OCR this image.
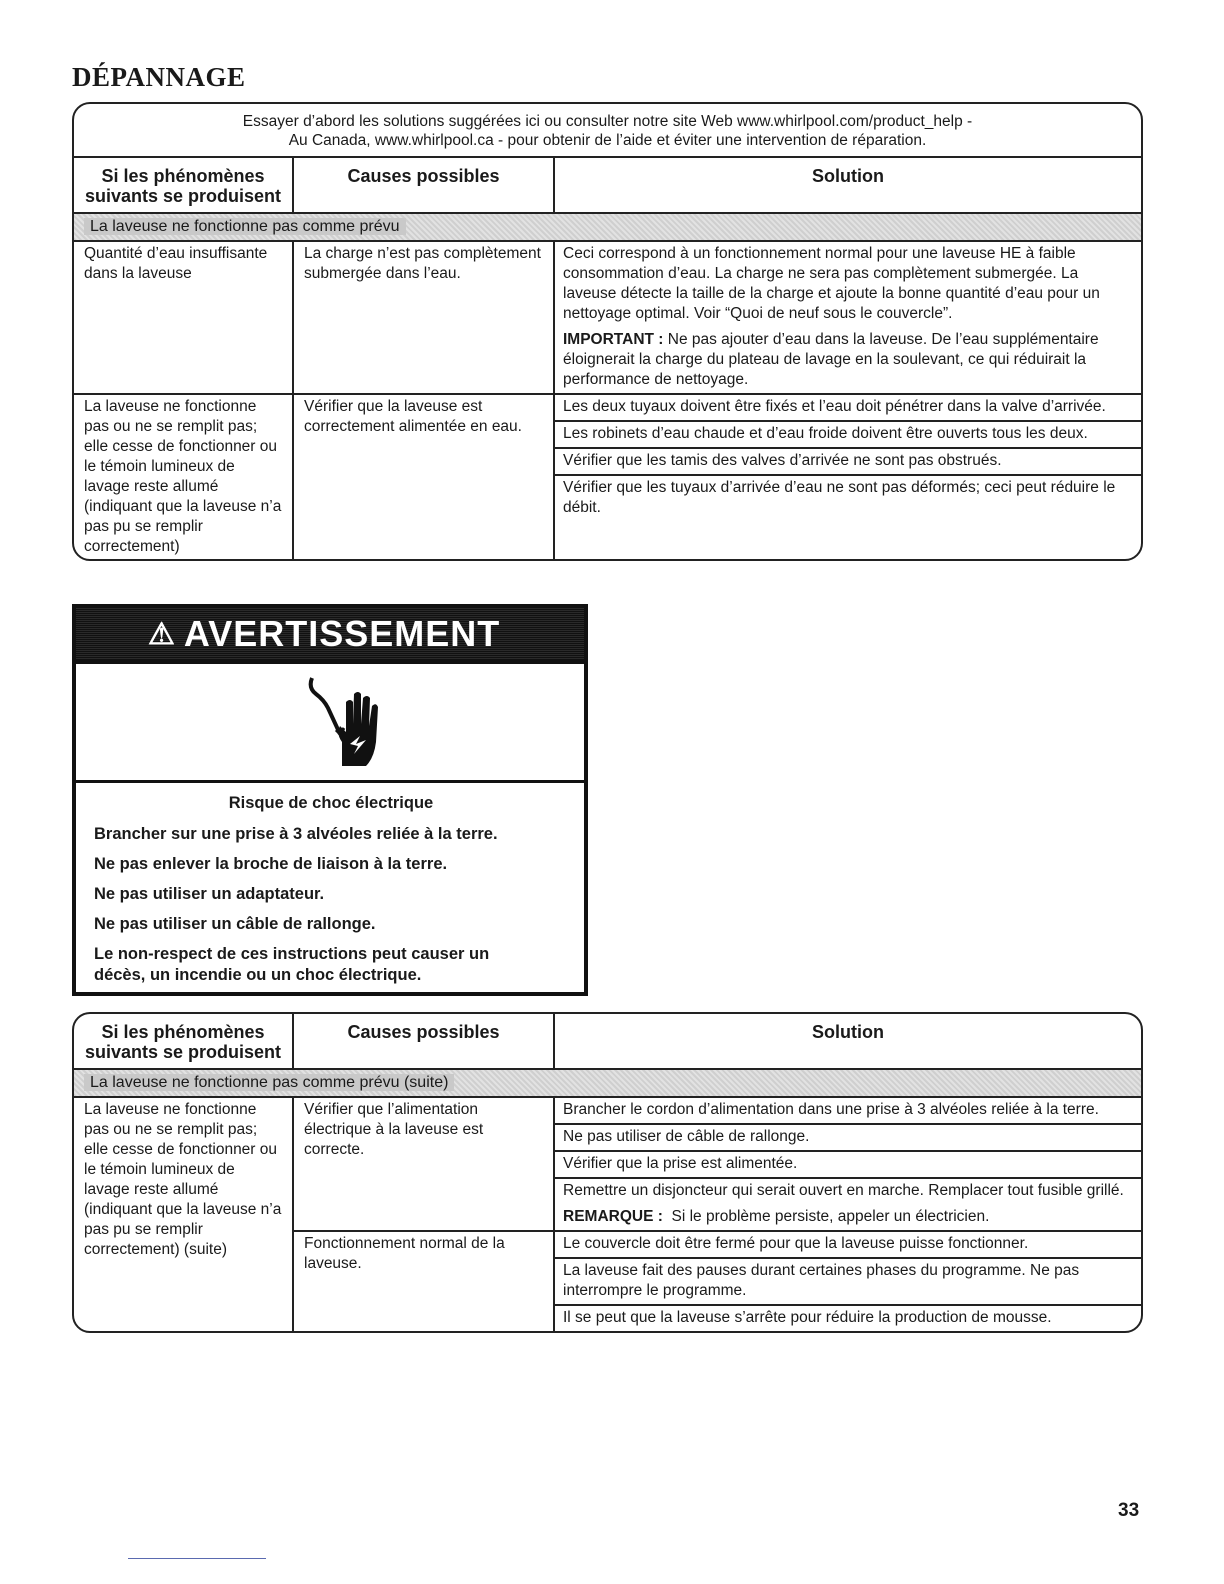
DÉPANNAGE
Essayer d’abord les solutions suggérées ici ou consulter notre site Web www.whirlpool.com/product_help -
Au Canada, www.whirlpool.ca - pour obtenir de l’aide et éviter une intervention de réparation.
Si les phénomènes suivants se produisent	Causes possibles	Solution
La laveuse ne fonctionne pas comme prévu		
Quantité d’eau insuffisante dans la laveuse	La charge n’est pas complètement submergée dans l’eau.	Ceci correspond à un fonctionnement normal pour une laveuse HE à faible consommation d’eau. La charge ne sera pas complètement submergée. La laveuse détecte la taille de la charge et ajoute la bonne quantité d’eau pour un nettoyage optimal. Voir “Quoi de neuf sous le couvercle”.

IMPORTANT : Ne pas ajouter d’eau dans la laveuse. De l’eau supplémentaire éloignerait la charge du plateau de lavage en la soulevant, ce qui réduirait la performance de nettoyage.

La laveuse ne fonctionne pas ou ne se remplit pas; elle cesse de fonctionner ou le témoin lumineux de lavage reste allumé (indiquant que la laveuse n’a pas pu se remplir correctement)	Vérifier que la laveuse est correctement alimentée en eau.	Les deux tuyaux doivent être fixés et l’eau doit pénétrer dans la valve d’arrivée.
Les robinets d’eau chaude et d’eau froide doivent être ouverts tous les deux.
Vérifier que les tamis des valves d’arrivée ne sont pas obstrués.
Vérifier que les tuyaux d’arrivée d’eau ne sont pas déformés; ceci peut réduire le débit.
⚠ AVERTISSEMENT

Risque de choc électrique

Brancher sur une prise à 3 alvéoles reliée à la terre.

Ne pas enlever la broche de liaison à la terre.

Ne pas utiliser un adaptateur.

Ne pas utiliser un câble de rallonge.

Le non-respect de ces instructions peut causer un décès, un incendie ou un choc électrique.

Si les phénomènes suivants se produisent	Causes possibles	Solution
La laveuse ne fonctionne pas comme prévu (suite)		
La laveuse ne fonctionne pas ou ne se remplit pas; elle cesse de fonctionner ou le témoin lumineux de lavage reste allumé (indiquant que la laveuse n’a pas pu se remplir correctement) (suite)	Vérifier que l’alimentation électrique à la laveuse est correcte.	Brancher le cordon d’alimentation dans une prise à 3 alvéoles reliée à la terre.
Ne pas utiliser de câble de rallonge.
Vérifier que la prise est alimentée.

Remettre un disjoncteur qui serait ouvert en marche. Remplacer tout fusible grillé.

REMARQUE :  Si le problème persiste, appeler un électricien.

	Fonctionnement normal de la laveuse.	Le couvercle doit être fermé pour que la laveuse puisse fonctionner.
La laveuse fait des pauses durant certaines phases du programme. Ne pas interrompre le programme.
Il se peut que la laveuse s’arrête pour réduire la production de mousse.
33
